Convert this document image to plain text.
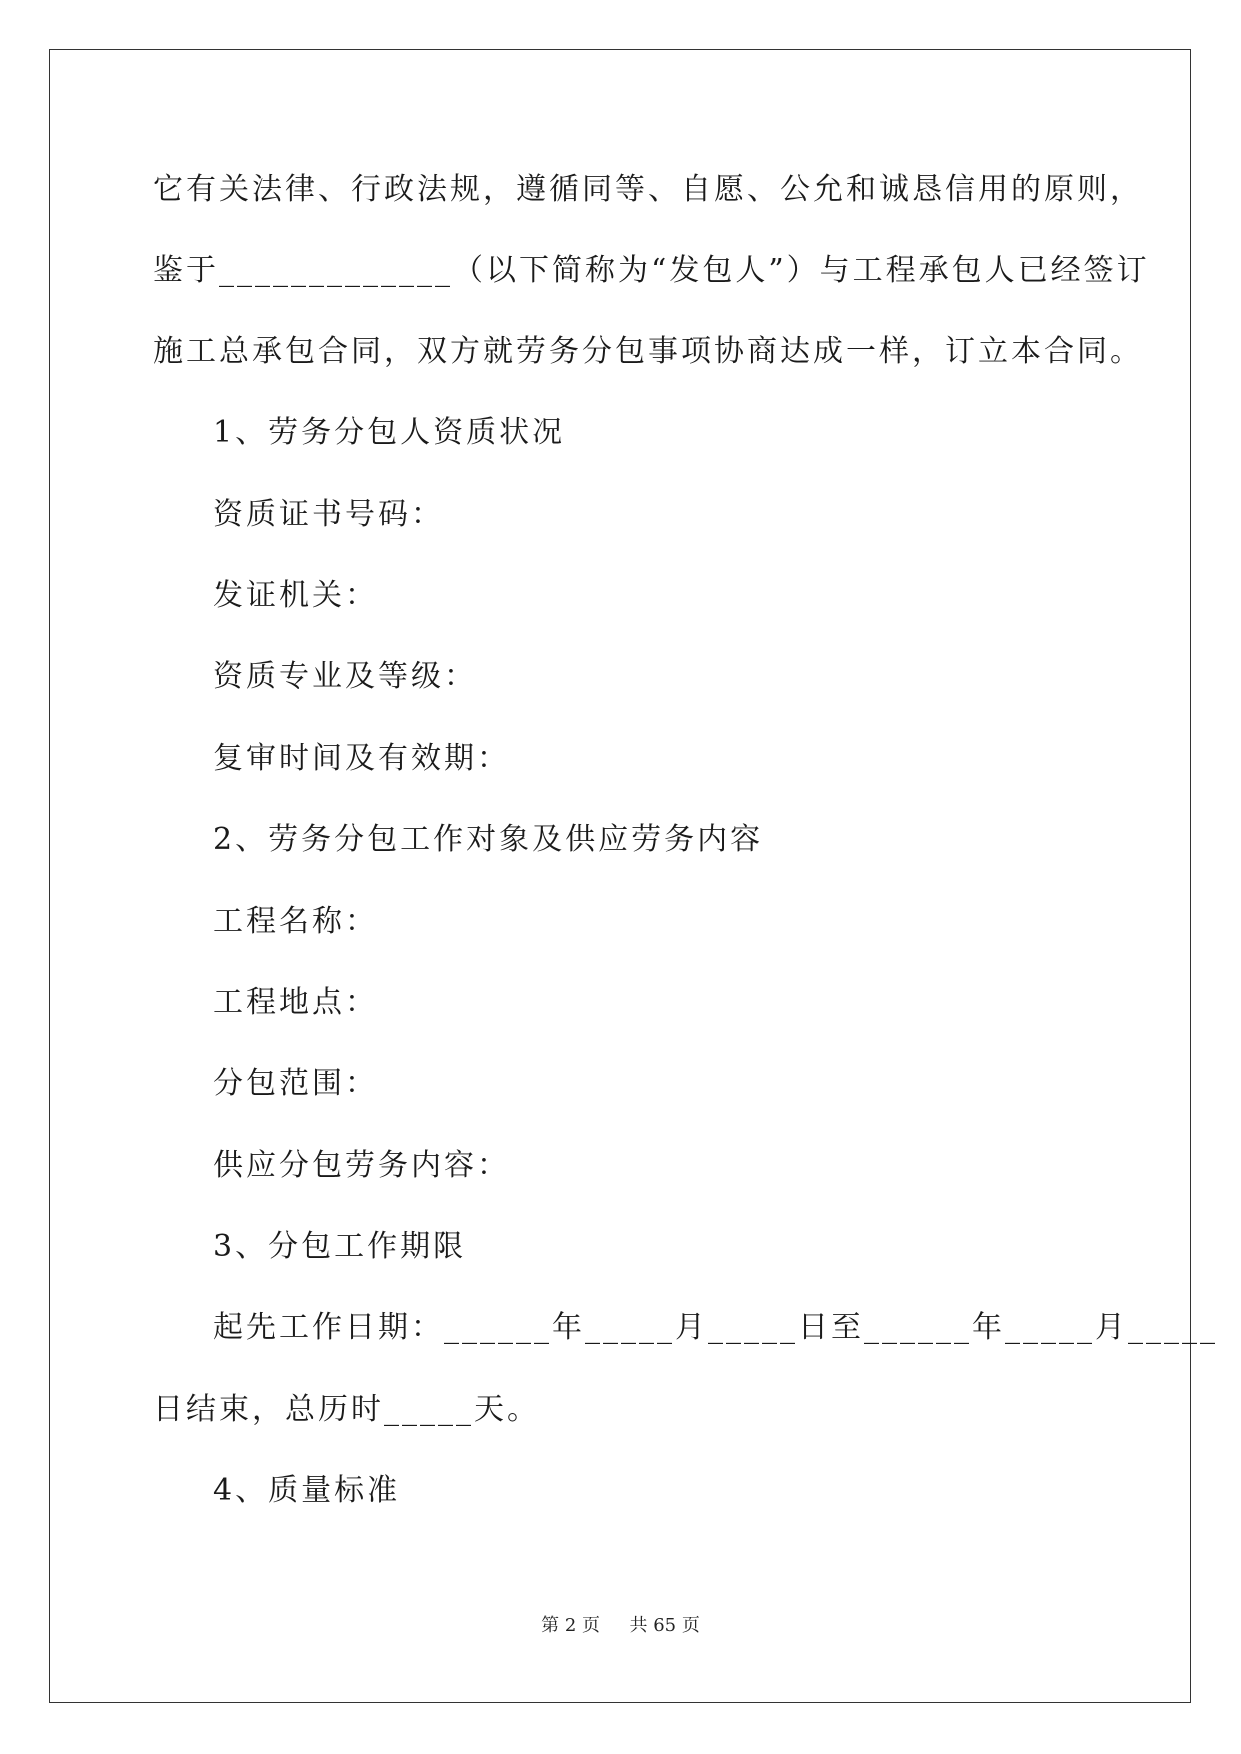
它有关法律、行政法规，遵循同等、自愿、公允和诚恳信用的原则，
鉴于_____________（以下简称为“发包人”）与工程承包人已经签订
施工总承包合同，双方就劳务分包事项协商达成一样，订立本合同。
1、劳务分包人资质状况
资质证书号码：
发证机关：
资质专业及等级：
复审时间及有效期：
2、劳务分包工作对象及供应劳务内容
工程名称：
工程地点：
分包范围：
供应分包劳务内容：
3、分包工作期限
起先工作日期：______年_____月_____日至______年_____月_____
日结束，总历时_____天。
4、质量标准
第 2 页 共 65 页
